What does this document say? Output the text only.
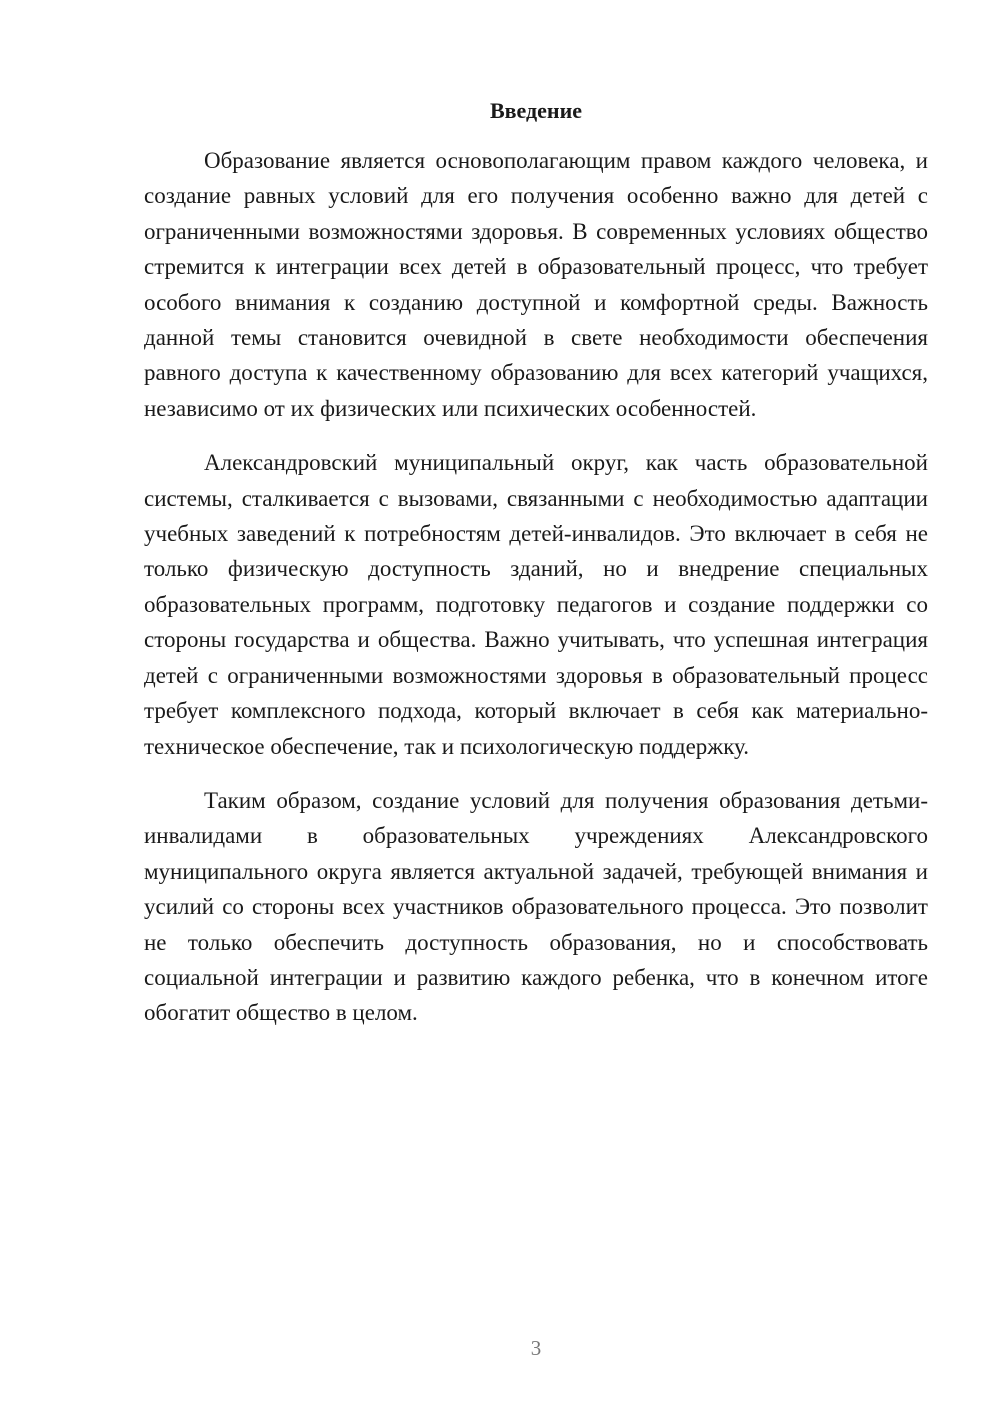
Введение

Образование является основополагающим правом каждого человека, и создание равных условий для его получения особенно важно для детей с ограниченными возможностями здоровья. В современных условиях общество стремится к интеграции всех детей в образовательный процесс, что требует особого внимания к созданию доступной и комфортной среды. Важность данной темы становится очевидной в свете необходимости обеспечения равного доступа к качественному образованию для всех категорий учащихся, независимо от их физических или психических особенностей.

Александровский муниципальный округ, как часть образовательной системы, сталкивается с вызовами, связанными с необходимостью адаптации учебных заведений к потребностям детей-инвалидов. Это включает в себя не только физическую доступность зданий, но и внедрение специальных образовательных программ, подготовку педагогов и создание поддержки со стороны государства и общества. Важно учитывать, что успешная интеграция детей с ограниченными возможностями здоровья в образовательный процесс требует комплексного подхода, который включает в себя как материально-техническое обеспечение, так и психологическую поддержку.

Таким образом, создание условий для получения образования детьми-инвалидами в образовательных учреждениях Александровского муниципального округа является актуальной задачей, требующей внимания и усилий со стороны всех участников образовательного процесса. Это позволит не только обеспечить доступность образования, но и способствовать социальной интеграции и развитию каждого ребенка, что в конечном итоге обогатит общество в целом.

3
